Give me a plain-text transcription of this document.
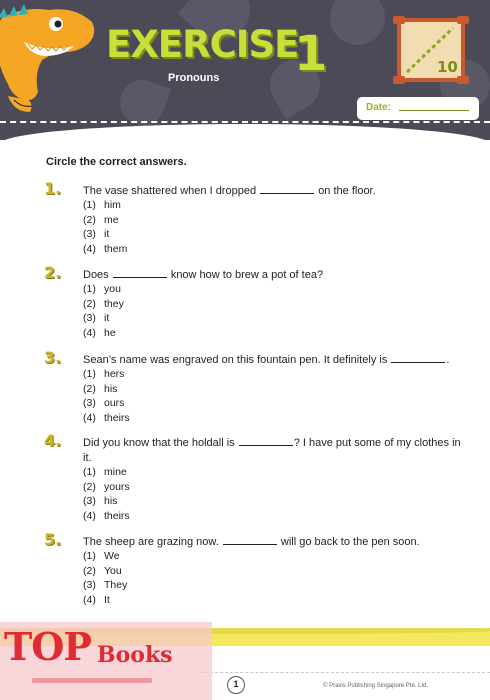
EXERCISE
1
Pronouns
10
Date:
Circle the correct answers.
1. The vase shattered when I dropped	on the floor.
(1) him
(2) me
(3) it
(4) them
2. Does	know how to brew a pot of tea?
(1) you
(2) they
(3) it
(4) he
3. Sean’s name was engraved on this fountain pen. It definitely is	.
(1) hers
(2) his
(3) ours
(4) theirs
4. Did you know that the holdall is	? I have put some of my clothes in it.
(1) mine
(2) yours
(3) his
(4) theirs
5. The sheep are grazing now.	will go back to the pen soon.
(1) We
(2) You
(3) They
(4) It
1	© Praxis Publishing Singapore Pte. Ltd.
TOP Books
